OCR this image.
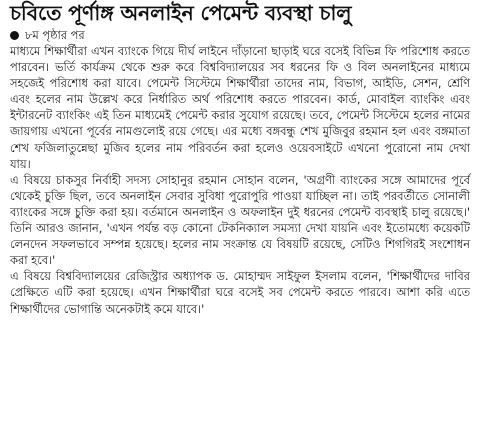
চবিতে পূর্ণাঙ্গ অনলাইন পেমেন্ট ব্যবস্থা চালু

৮ম পৃষ্ঠার পর

মাধ্যমে শিক্ষার্থীরা এখন ব্যাংকে গিয়ে দীর্ঘ লাইনে দাঁড়ানো ছাড়াই ঘরে বসেই বিভিন্ন ফি পরিশোধ করতে পারবেন। ভর্তি কার্যক্রম থেকে শুরু করে বিশ্ববিদ্যালয়ের সব ধরনের ফি ও বিল অনলাইনের মাধ্যমে সহজেই পরিশোধ করা যাবে। পেমেন্ট সিস্টেমে শিক্ষার্থীরা তাদের নাম, বিভাগ, আইডি, সেশন, শ্রেণি এবং হলের নাম উল্লেখ করে নির্ধারিত অর্থ পরিশোধ করতে পারবেন। কার্ড, মোবাইল ব্যাংকিং এবং ইন্টারনেট ব্যাংকিং এই তিন মাধ্যমেই পেমেন্ট করার সুযোগ রয়েছে। তবে, পেমেন্ট সিস্টেমে হলের নামের জায়গায় এখনো পূর্বের নামগুলোই রয়ে গেছে। এর মধ্যে বঙ্গবন্ধু শেখ মুজিবুর রহমান হল এবং বঙ্গমাতা শেখ ফজিলাতুন্নেছা মুজিব হলের নাম পরিবর্তন করা হলেও ওয়েবসাইটে এখনো পুরোনো নাম দেখা যায়।

এ বিষয়ে চাকসুর নির্বাহী সদস্য সোহানুর রহমান সোহান বলেন, 'অগ্রণী ব্যাংকের সঙ্গে আমাদের পূর্বে থেকেই চুক্তি ছিল, তবে অনলাইন সেবার সুবিধা পুরোপুরি পাওয়া যাচ্ছিল না। তাই পরবর্তীতে সোনালী ব্যাংকের সঙ্গে চুক্তি করা হয়। বর্তমানে অনলাইন ও অফলাইন দুই ধরনের পেমেন্ট ব্যবস্থাই চালু রয়েছে।' তিনি আরও জানান, 'এখন পর্যন্ত বড় কোনো টেকনিক্যাল সমস্যা দেখা যায়নি এবং ইতোমধ্যে কয়েকটি লেনদেন সফলভাবে সম্পন্ন হয়েছে। হলের নাম সংক্রান্ত যে বিষয়টি রয়েছে, সেটিও শিগগিরই সংশোধন করা হবে।'

এ বিষয়ে বিশ্ববিদ্যালয়ের রেজিস্ট্রার অধ্যাপক ড. মোহাম্মদ সাইফুল ইসলাম বলেন, 'শিক্ষার্থীদের দাবির প্রেক্ষিতে এটি করা হয়েছে। এখন শিক্ষার্থীরা ঘরে বসেই সব পেমেন্ট করতে পারবে। আশা করি এতে শিক্ষার্থীদের ভোগান্তি অনেকটাই কমে যাবে।'
